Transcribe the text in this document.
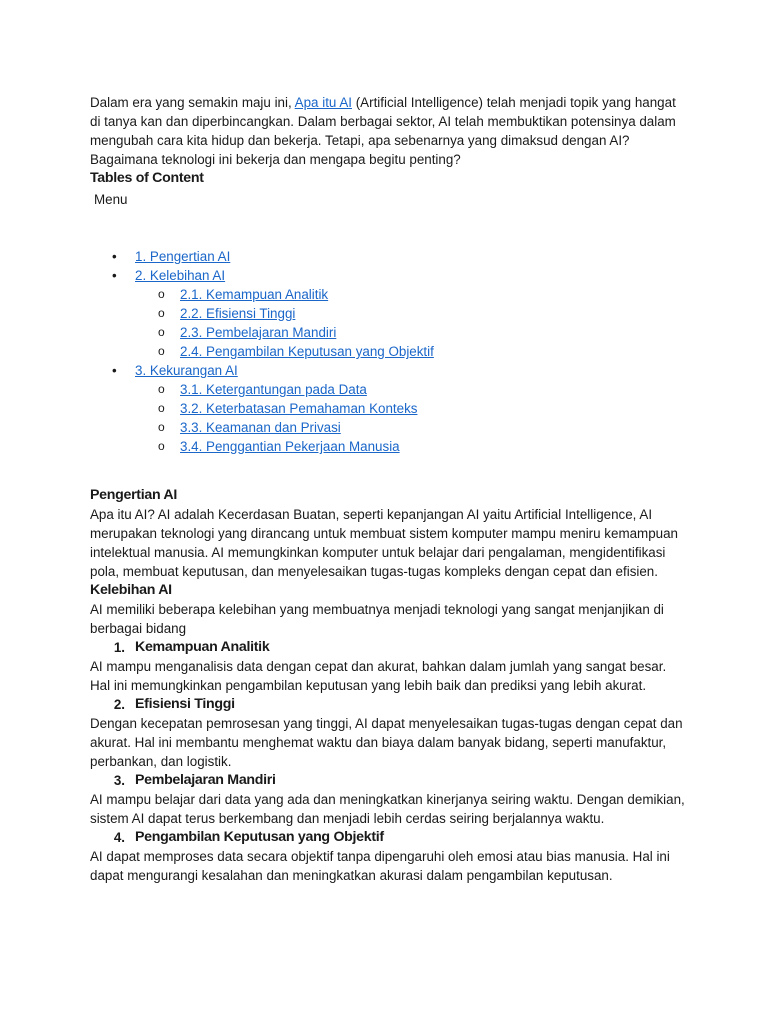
Dalam era yang semakin maju ini, Apa itu AI (Artificial Intelligence) telah menjadi topik yang hangat di tanya kan dan diperbincangkan. Dalam berbagai sektor, AI telah membuktikan potensinya dalam mengubah cara kita hidup dan bekerja. Tetapi, apa sebenarnya yang dimaksud dengan AI? Bagaimana teknologi ini bekerja dan mengapa begitu penting?

Tables of Content
Menu
• 1. Pengertian AI
• 2. Kelebihan AI
o 2.1. Kemampuan Analitik
o 2.2. Efisiensi Tinggi
o 2.3. Pembelajaran Mandiri
o 2.4. Pengambilan Keputusan yang Objektif
• 3. Kekurangan AI
o 3.1. Ketergantungan pada Data
o 3.2. Keterbatasan Pemahaman Konteks
o 3.3. Keamanan dan Privasi
o 3.4. Penggantian Pekerjaan Manusia
Pengertian AI

Apa itu AI? AI adalah Kecerdasan Buatan, seperti kepanjangan AI yaitu Artificial Intelligence, AI merupakan teknologi yang dirancang untuk membuat sistem komputer mampu meniru kemampuan intelektual manusia. AI memungkinkan komputer untuk belajar dari pengalaman, mengidentifikasi pola, membuat keputusan, dan menyelesaikan tugas-tugas kompleks dengan cepat dan efisien.

Kelebihan AI

AI memiliki beberapa kelebihan yang membuatnya menjadi teknologi yang sangat menjanjikan di berbagai bidang

1. Kemampuan Analitik

AI mampu menganalisis data dengan cepat dan akurat, bahkan dalam jumlah yang sangat besar. Hal ini memungkinkan pengambilan keputusan yang lebih baik dan prediksi yang lebih akurat.

2. Efisiensi Tinggi

Dengan kecepatan pemrosesan yang tinggi, AI dapat menyelesaikan tugas-tugas dengan cepat dan akurat. Hal ini membantu menghemat waktu dan biaya dalam banyak bidang, seperti manufaktur, perbankan, dan logistik.

3. Pembelajaran Mandiri

AI mampu belajar dari data yang ada dan meningkatkan kinerjanya seiring waktu. Dengan demikian, sistem AI dapat terus berkembang dan menjadi lebih cerdas seiring berjalannya waktu.

4. Pengambilan Keputusan yang Objektif

AI dapat memproses data secara objektif tanpa dipengaruhi oleh emosi atau bias manusia. Hal ini dapat mengurangi kesalahan dan meningkatkan akurasi dalam pengambilan keputusan.
